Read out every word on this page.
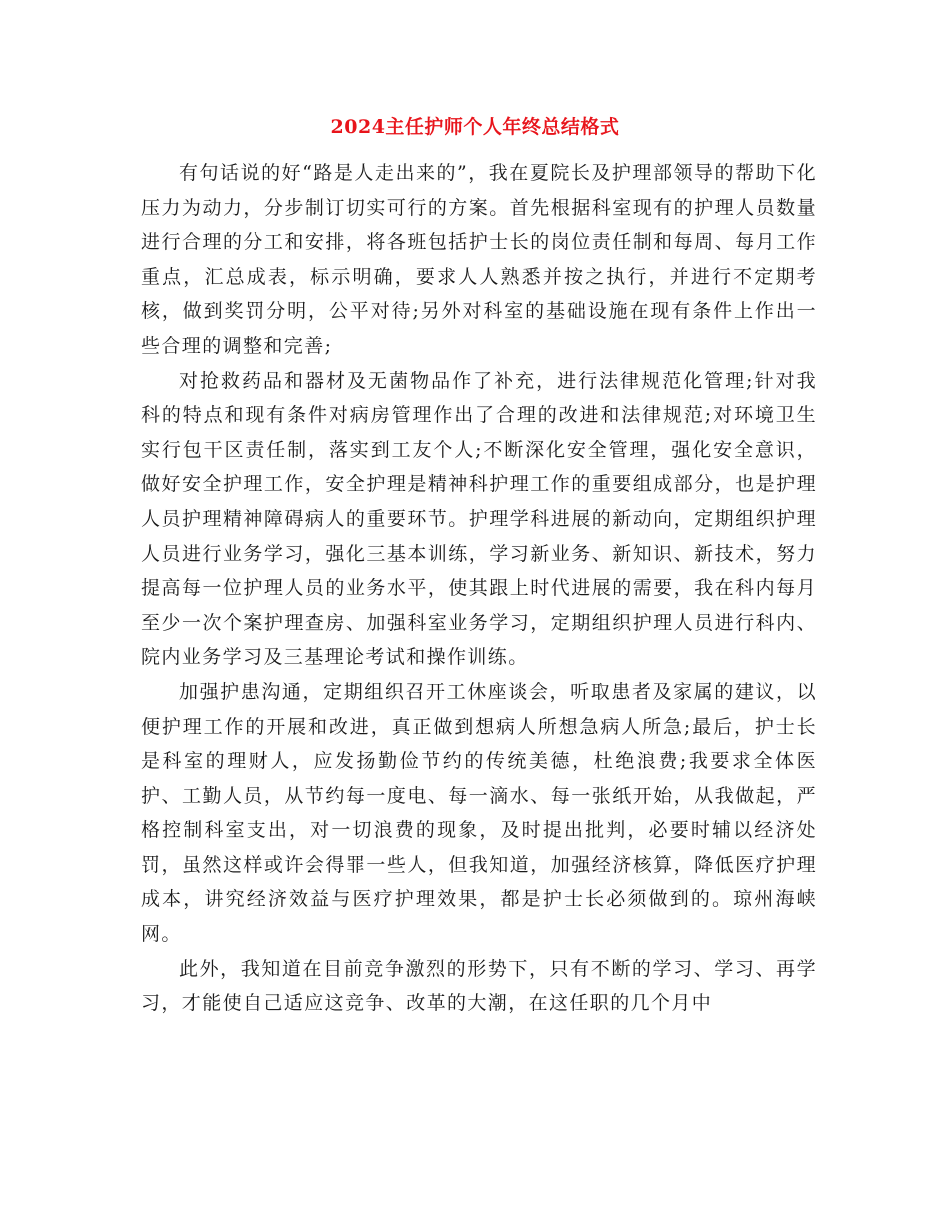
2024主任护师个人年终总结格式

有句话说的好“路是人走出来的”，我在夏院长及护理部领导的帮助下化压力为动力，分步制订切实可行的方案。首先根据科室现有的护理人员数量进行合理的分工和安排，将各班包括护士长的岗位责任制和每周、每月工作重点，汇总成表，标示明确，要求人人熟悉并按之执行，并进行不定期考核，做到奖罚分明，公平对待;另外对科室的基础设施在现有条件上作出一些合理的调整和完善;

对抢救药品和器材及无菌物品作了补充，进行法律规范化管理;针对我科的特点和现有条件对病房管理作出了合理的改进和法律规范;对环境卫生实行包干区责任制，落实到工友个人;不断深化安全管理，强化安全意识，做好安全护理工作，安全护理是精神科护理工作的重要组成部分，也是护理人员护理精神障碍病人的重要环节。护理学科进展的新动向，定期组织护理人员进行业务学习，强化三基本训练，学习新业务、新知识、新技术，努力提高每一位护理人员的业务水平，使其跟上时代进展的需要，我在科内每月至少一次个案护理查房、加强科室业务学习，定期组织护理人员进行科内、院内业务学习及三基理论考试和操作训练。

加强护患沟通，定期组织召开工休座谈会，听取患者及家属的建议，以便护理工作的开展和改进，真正做到想病人所想急病人所急;最后，护士长是科室的理财人，应发扬勤俭节约的传统美德，杜绝浪费;我要求全体医护、工勤人员，从节约每一度电、每一滴水、每一张纸开始，从我做起，严格控制科室支出，对一切浪费的现象，及时提出批判，必要时辅以经济处罚，虽然这样或许会得罪一些人，但我知道，加强经济核算，降低医疗护理成本，讲究经济效益与医疗护理效果，都是护士长必须做到的。琼州海峡网。

此外，我知道在目前竞争激烈的形势下，只有不断的学习、学习、再学习，才能使自己适应这竞争、改革的大潮，在这任职的几个月中
